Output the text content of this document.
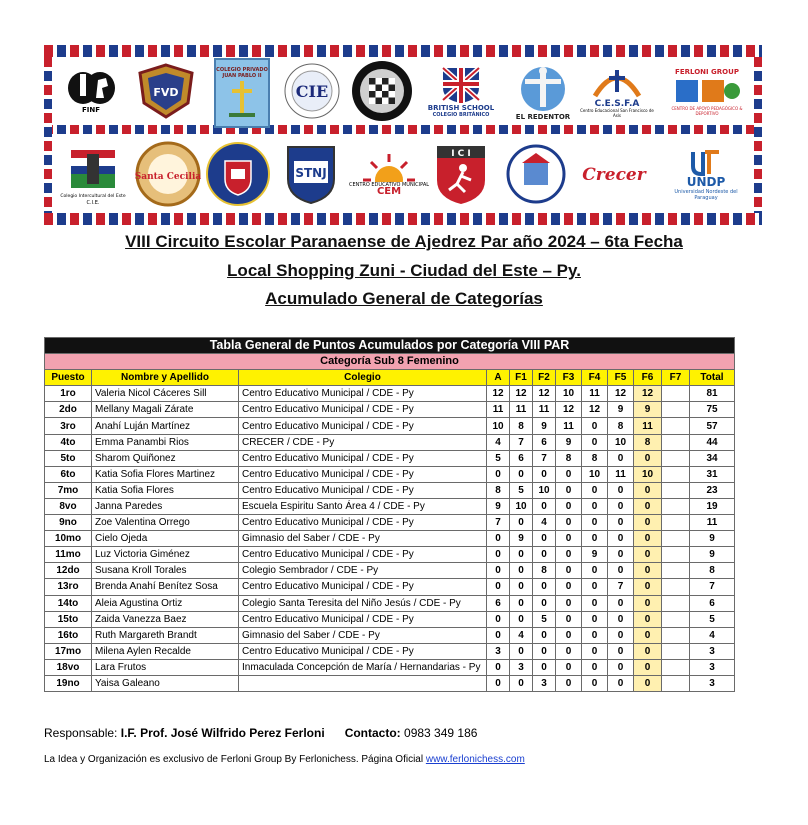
FINF
FVD
COLEGIO PRIVADO JUAN PABLO II
CIE
BRITISH SCHOOL
COLEGIO BRITÁNICO	EL REDENTOR
C.E.S.F.A
Centro Educacional San Francisco de Asís
FERLONI GROUP
CENTRO DE APOYO PEDAGÓGICO & DEPORTIVO
Colegio Intercultural del Este
C.I.E.
Santa Cecilia	STNJ
CENTRO EDUCATIVO MUNICIPAL
CEM
I C I
Crecer	UNDP
Universidad Nordeste del Paraguay
VIII Circuito Escolar Paranaense de Ajedrez Par año 2024 – 6ta Fecha
Local Shopping Zuni - Ciudad del Este – Py.
Acumulado General de Categorías
Tabla General de Puntos Acumulados por Categoría VIII PAR											
Categoría Sub 8 Femenino											
Puesto	Nombre y Apellido	Colegio	A	F1	F2	F3	F4	F5	F6	F7	Total
1ro	Valeria Nicol Cáceres Sill	Centro Educativo Municipal / CDE - Py	12	12	12	10	11	12	12		81
2do	Mellany Magali Zárate	Centro Educativo Municipal / CDE - Py	11	11	11	12	12	9	9		75
3ro	Anahí Luján Martínez	Centro Educativo Municipal / CDE - Py	10	8	9	11	0	8	11		57
4to	Emma Panambi Rios	CRECER / CDE - Py	4	7	6	9	0	10	8		44
5to	Sharom Quiñonez	Centro Educativo Municipal / CDE - Py	5	6	7	8	8	0	0		34
6to	Katia Sofia Flores Martinez	Centro Educativo Municipal / CDE - Py	0	0	0	0	10	11	10		31
7mo	Katia Sofia Flores	Centro Educativo Municipal / CDE - Py	8	5	10	0	0	0	0		23
8vo	Janna Paredes	Escuela Espiritu Santo Área 4 / CDE - Py	9	10	0	0	0	0	0		19
9no	Zoe Valentina Orrego	Centro Educativo Municipal / CDE - Py	7	0	4	0	0	0	0		11
10mo	Cielo Ojeda	Gimnasio del Saber / CDE - Py	0	9	0	0	0	0	0		9
11mo	Luz Victoria Giménez	Centro Educativo Municipal / CDE - Py	0	0	0	0	9	0	0		9
12do	Susana Kroll Torales	Colegio Sembrador / CDE - Py	0	0	8	0	0	0	0		8
13ro	Brenda Anahí Benítez Sosa	Centro Educativo Municipal / CDE - Py	0	0	0	0	0	7	0		7
14to	Aleia Agustina Ortiz	Colegio Santa Teresita del Niño Jesús / CDE - Py	6	0	0	0	0	0	0		6
15to	Zaida Vanezza Baez	Centro Educativo Municipal / CDE - Py	0	0	5	0	0	0	0		5
16to	Ruth Margareth Brandt	Gimnasio del Saber / CDE - Py	0	4	0	0	0	0	0		4
17mo	Milena Aylen Recalde	Centro Educativo Municipal / CDE - Py	3	0	0	0	0	0	0		3
18vo	Lara Frutos	Inmaculada Concepción de María / Hernandarias - Py	0	3	0	0	0	0	0		3
19no	Yaisa Galeano		0	0	3	0	0	0	0		3
Responsable: I.F. Prof. José Wilfrido Perez Ferloni Contacto: 0983 349 186
La Idea y Organización es exclusivo de Ferloni Group By Ferlonichess. Página Oficial www.ferlonichess.com
